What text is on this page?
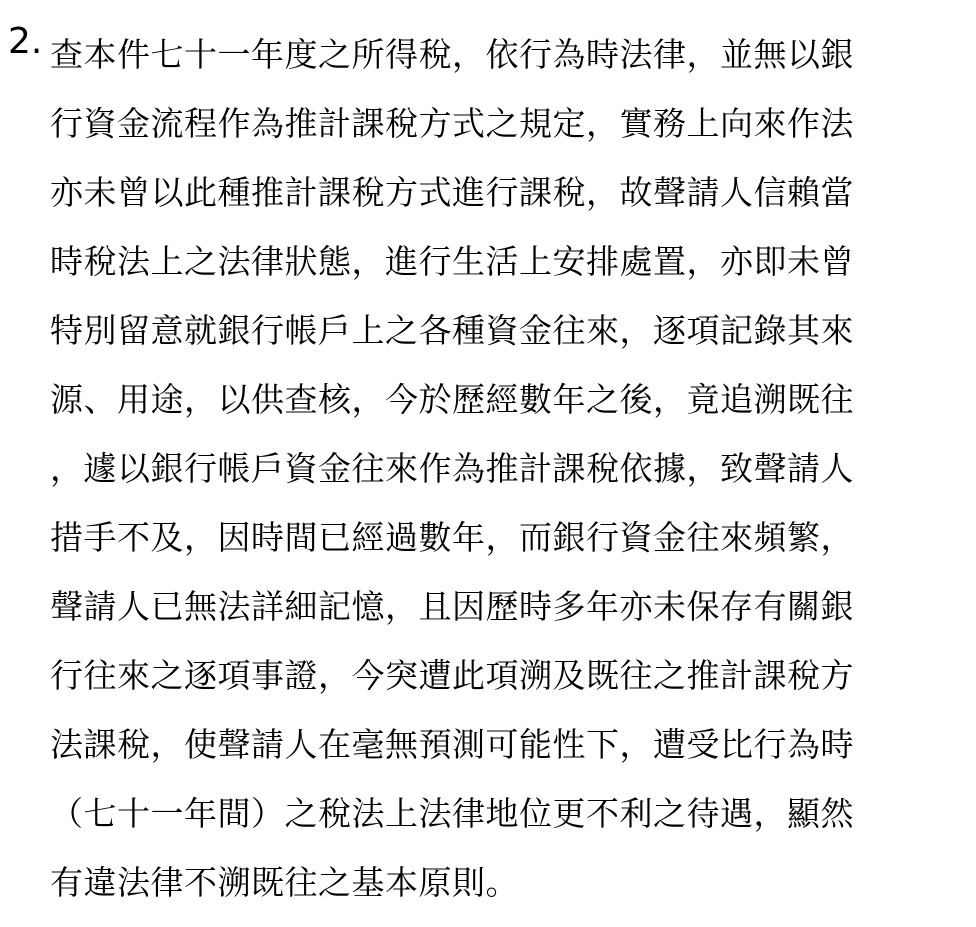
2. 查本件七十一年度之所得稅，依行為時法律，並無以銀
行資金流程作為推計課稅方式之規定，實務上向來作法
亦未曾以此種推計課稅方式進行課稅，故聲請人信賴當
時稅法上之法律狀態，進行生活上安排處置，亦即未曾
特別留意就銀行帳戶上之各種資金往來，逐項記錄其來
源、用途，以供查核，今於歷經數年之後，竟追溯既往
，遽以銀行帳戶資金往來作為推計課稅依據，致聲請人
措手不及，因時間已經過數年，而銀行資金往來頻繁，
聲請人已無法詳細記憶，且因歷時多年亦未保存有關銀
行往來之逐項事證，今突遭此項溯及既往之推計課稅方
法課稅，使聲請人在毫無預測可能性下，遭受比行為時
（七十一年間）之稅法上法律地位更不利之待遇，顯然
有違法律不溯既往之基本原則。
